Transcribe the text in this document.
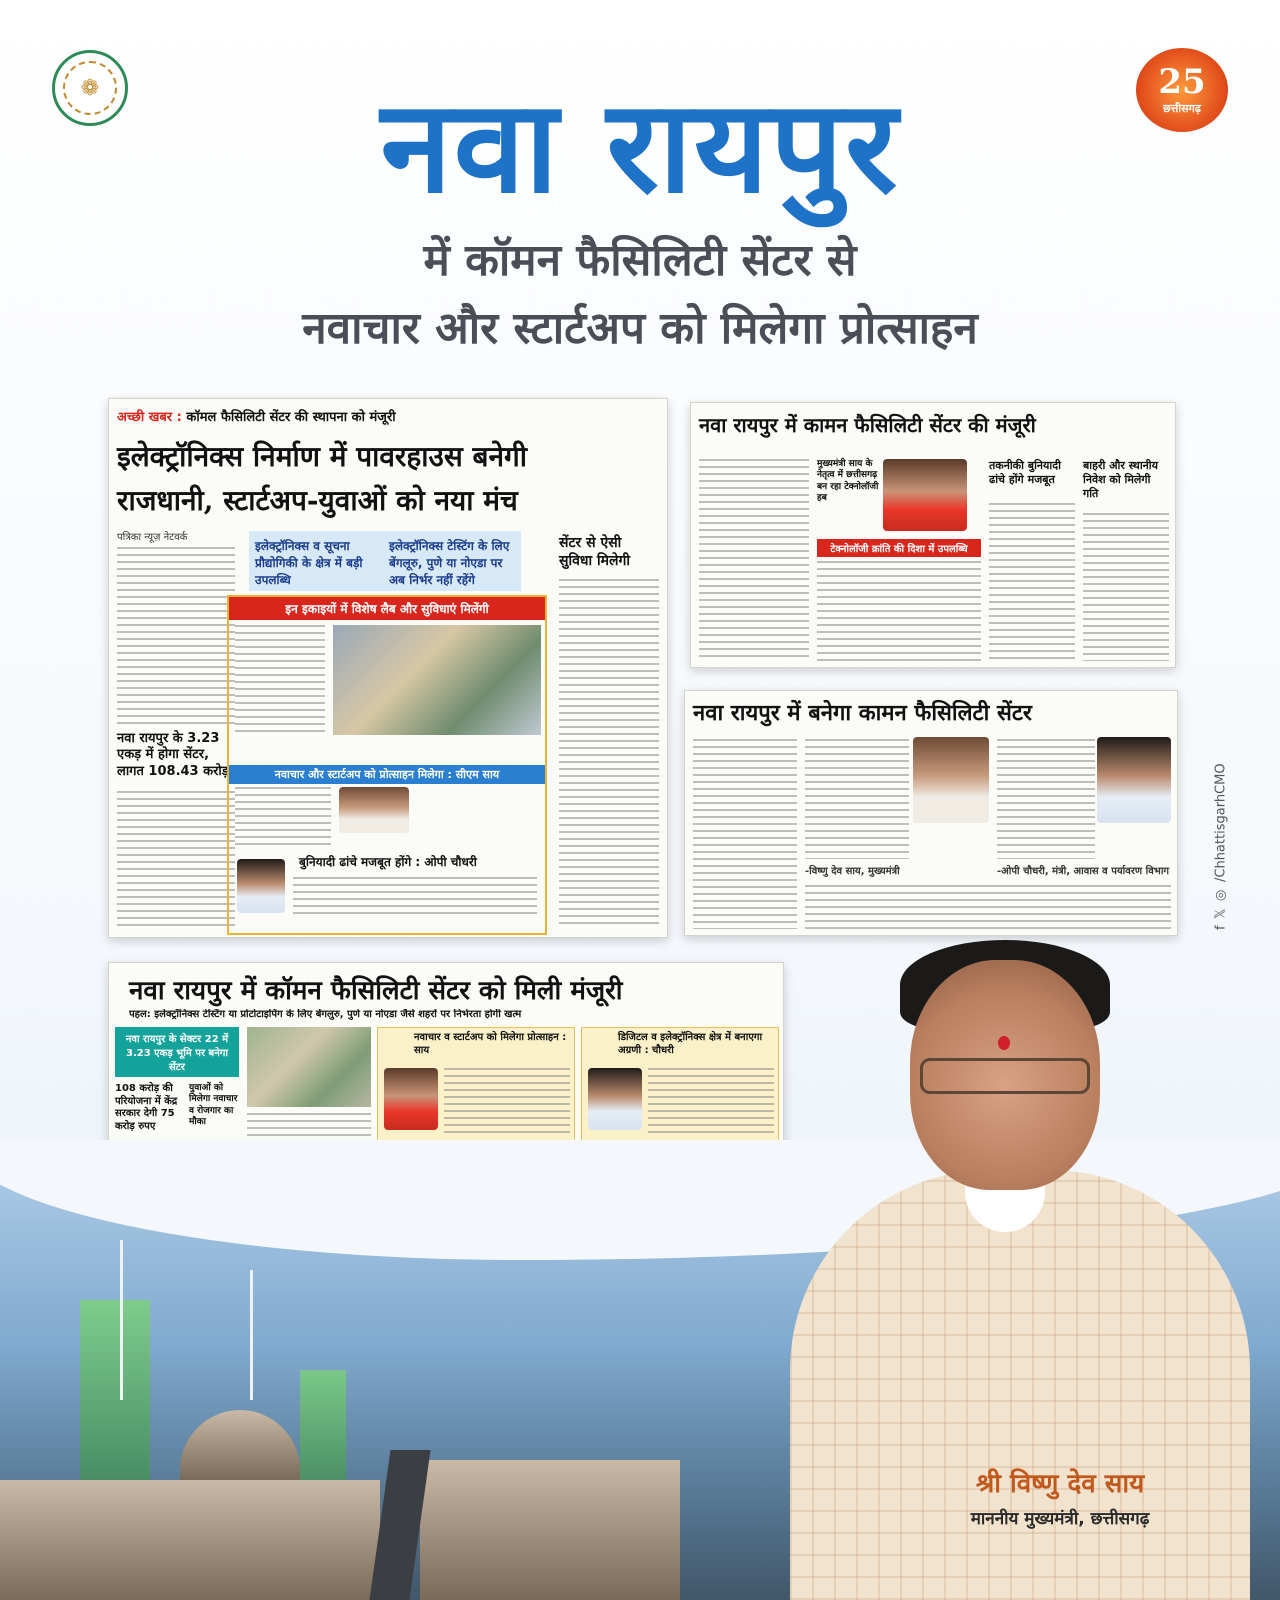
❁	25
छत्तीसगढ़
नवा रायपुर
में कॉमन फैसिलिटी सेंटर से
नवाचार और स्टार्टअप को मिलेगा प्रोत्साहन
अच्छी खबर : कॉमल फैसिलिटी सेंटर की स्थापना को मंजूरी
इलेक्ट्रॉनिक्स निर्माण में पावरहाउस बनेगी
राजधानी, स्टार्टअप-युवाओं को नया मंच
पत्रिका न्यूज़ नेटवर्क
नवा रायपुर के 3.23 एकड़ में होगा सेंटर, लागत 108.43 करोड़
इलेक्ट्रॉनिक्स व सूचना प्रौद्योगिकी के क्षेत्र में बड़ी उपलब्धि
इलेक्ट्रॉनिक्स टेस्टिंग के लिए बेंगलूरु, पुणे या नोएडा पर अब निर्भर नहीं रहेंगे
इन इकाइयों में विशेष लैब और सुविधाएं मिलेंगी
नवाचार और स्टार्टअप को प्रोत्साहन मिलेगा : सीएम साय
बुनियादी ढांचे मजबूत होंगे : ओपी चौधरी
सेंटर से ऐसी सुविधा मिलेगी
नवा रायपुर में कामन फैसिलिटी सेंटर की मंजूरी
मुख्यमंत्री साय के नेतृत्व में छत्तीसगढ़ बन रहा टेक्नोलॉजी हब
टेक्नोलॉजी क्रांति की दिशा में उपलब्धि
तकनीकी बुनियादी ढांचे होंगे मजबूत
बाहरी और स्थानीय निवेश को मिलेगी गति
नवा रायपुर में बनेगा कामन फैसिलिटी सेंटर
-विष्णु देव साय, मुख्यमंत्री	-ओपी चौधरी, मंत्री, आवास व पर्यावरण विभाग
नवा रायपुर में कॉमन फैसिलिटी सेंटर को मिली मंजूरी
पहल: इलेक्ट्रॉनिक्स टेस्टिंग या प्रोटोटाइपिंग के लिए बेंगलुरु, पुणे या नोएडा जैसे शहरों पर निर्भरता होगी खत्म
नवा रायपुर के सेक्टर 22 में 3.23 एकड़ भूमि पर बनेगा सेंटर
108 करोड़ की परियोजना में केंद्र सरकार देगी 75 करोड़ रुपए
युवाओं को मिलेगा नवाचार व रोजगार का मौका
नवाचार व स्टार्टअप को मिलेगा प्रोत्साहन : साय
डिजिटल व इलेक्ट्रॉनिक्स क्षेत्र में बनाएगा अग्रणी : चौधरी
श्री विष्णु देव साय
माननीय मुख्यमंत्री, छत्तीसगढ़
f
𝕏
◎
/ChhattisgarhCMO
